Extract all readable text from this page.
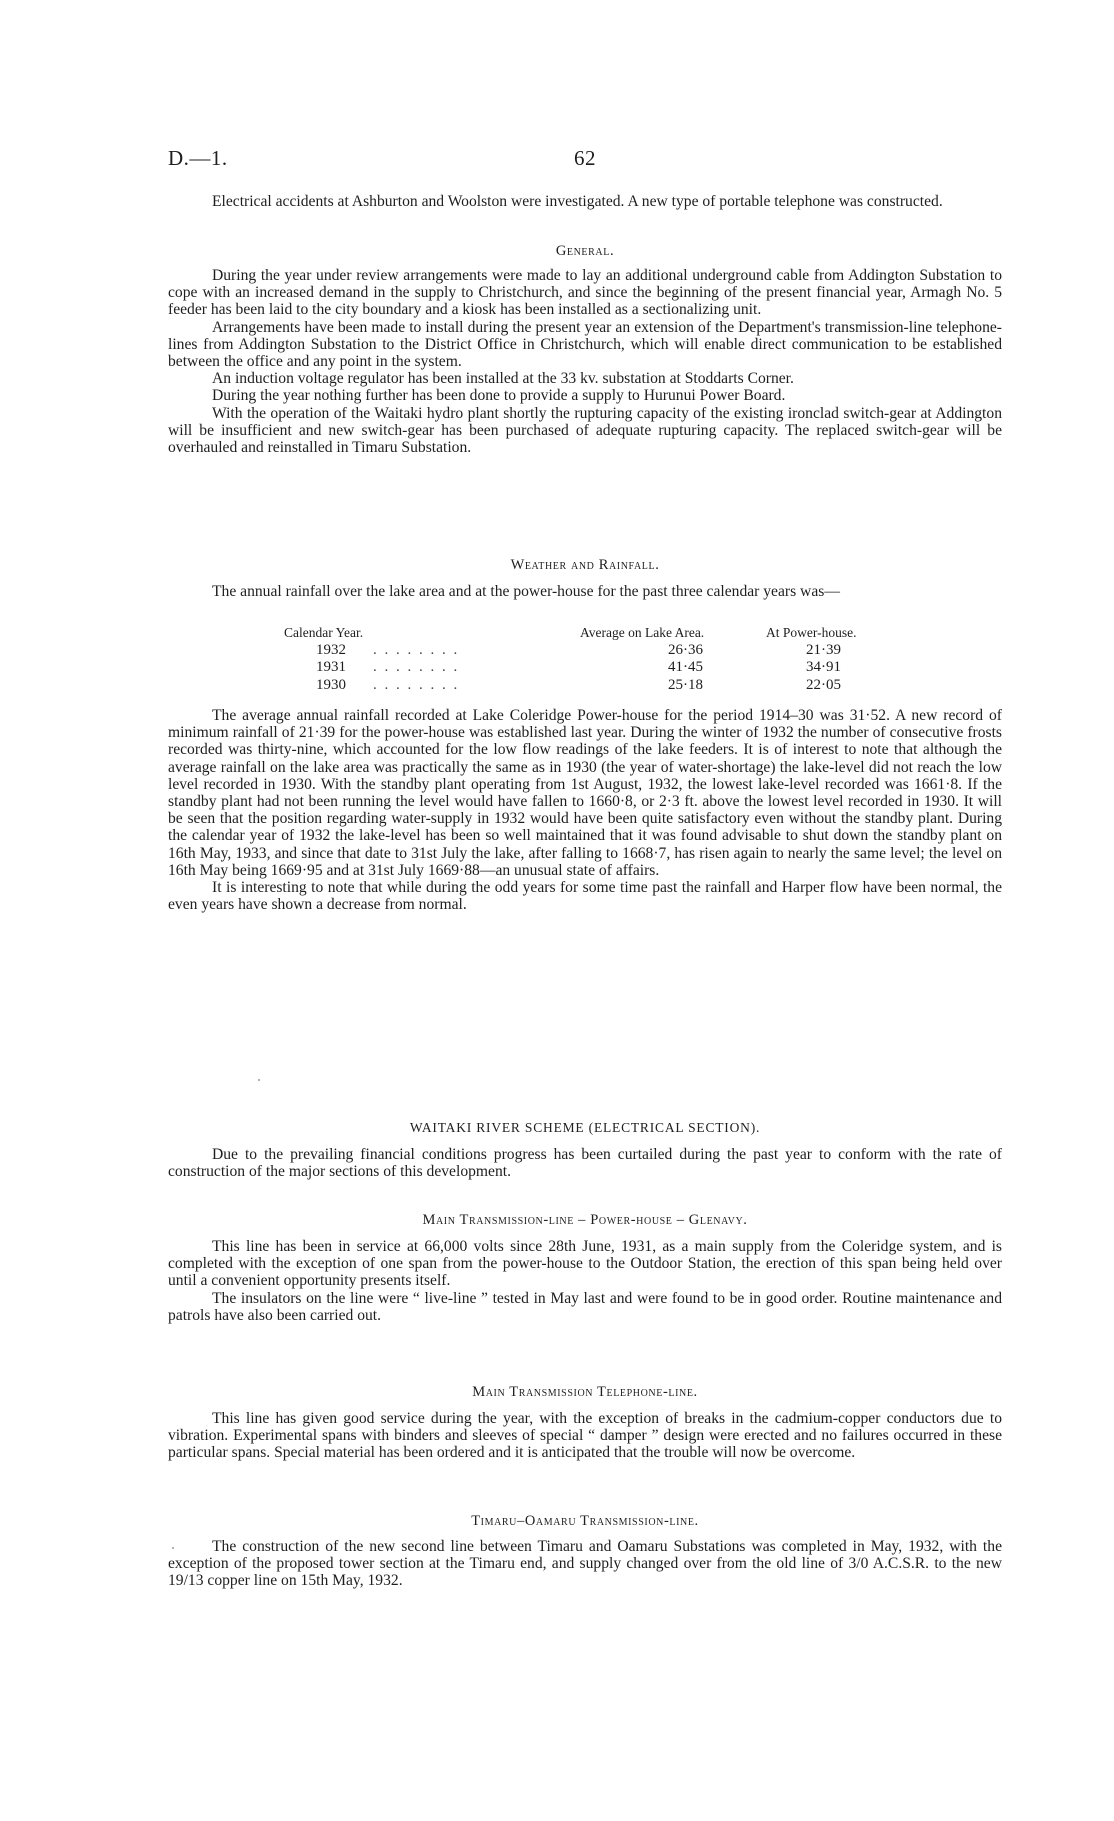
D.—1.	62

Electrical accidents at Ashburton and Woolston were investigated. A new type of portable telephone was constructed.

General.

During the year under review arrangements were made to lay an additional underground cable from Addington Substation to cope with an increased demand in the supply to Christchurch, and since the beginning of the present financial year, Armagh No. 5 feeder has been laid to the city boundary and a kiosk has been installed as a sectionalizing unit.

Arrangements have been made to install during the present year an extension of the Department's transmission-line telephone-lines from Addington Substation to the District Office in Christchurch, which will enable direct communication to be established between the office and any point in the system.

An induction voltage regulator has been installed at the 33 kv. substation at Stoddarts Corner.

During the year nothing further has been done to provide a supply to Hurunui Power Board.

With the operation of the Waitaki hydro plant shortly the rupturing capacity of the existing ironclad switch-gear at Addington will be insufficient and new switch-gear has been purchased of adequate rupturing capacity. The replaced switch-gear will be overhauled and reinstalled in Timaru Substation.

Weather and Rainfall.

The annual rainfall over the lake area and at the power-house for the past three calendar years was—

Calendar Year.	Average on Lake Area.	At Power-house.
1932 . . . . . . . .	26·36	21·39
1931 . . . . . . . .	41·45	34·91
1930 . . . . . . . .	25·18	22·05

The average annual rainfall recorded at Lake Coleridge Power-house for the period 1914–30 was 31·52. A new record of minimum rainfall of 21·39 for the power-house was established last year. During the winter of 1932 the number of consecutive frosts recorded was thirty-nine, which accounted for the low flow readings of the lake feeders. It is of interest to note that although the average rainfall on the lake area was practically the same as in 1930 (the year of water-shortage) the lake-level did not reach the low level recorded in 1930. With the standby plant operating from 1st August, 1932, the lowest lake-level recorded was 1661·8. If the standby plant had not been running the level would have fallen to 1660·8, or 2·3 ft. above the lowest level recorded in 1930. It will be seen that the position regarding water-supply in 1932 would have been quite satisfactory even without the standby plant. During the calendar year of 1932 the lake-level has been so well maintained that it was found advisable to shut down the standby plant on 16th May, 1933, and since that date to 31st July the lake, after falling to 1668·7, has risen again to nearly the same level; the level on 16th May being 1669·95 and at 31st July 1669·88—an unusual state of affairs.

It is interesting to note that while during the odd years for some time past the rainfall and Harper flow have been normal, the even years have shown a decrease from normal.

WAITAKI RIVER SCHEME (ELECTRICAL SECTION).

Due to the prevailing financial conditions progress has been curtailed during the past year to conform with the rate of construction of the major sections of this development.

Main Transmission-line – Power-house – Glenavy.

This line has been in service at 66,000 volts since 28th June, 1931, as a main supply from the Coleridge system, and is completed with the exception of one span from the power-house to the Outdoor Station, the erection of this span being held over until a convenient opportunity presents itself.

The insulators on the line were “ live-line ” tested in May last and were found to be in good order. Routine maintenance and patrols have also been carried out.

Main Transmission Telephone-line.

This line has given good service during the year, with the exception of breaks in the cadmium-copper conductors due to vibration. Experimental spans with binders and sleeves of special “ damper ” design were erected and no failures occurred in these particular spans. Special material has been ordered and it is anticipated that the trouble will now be overcome.

Timaru–Oamaru Transmission-line.

The construction of the new second line between Timaru and Oamaru Substations was completed in May, 1932, with the exception of the proposed tower section at the Timaru end, and supply changed over from the old line of 3/0 A.C.S.R. to the new 19/13 copper line on 15th May, 1932.
